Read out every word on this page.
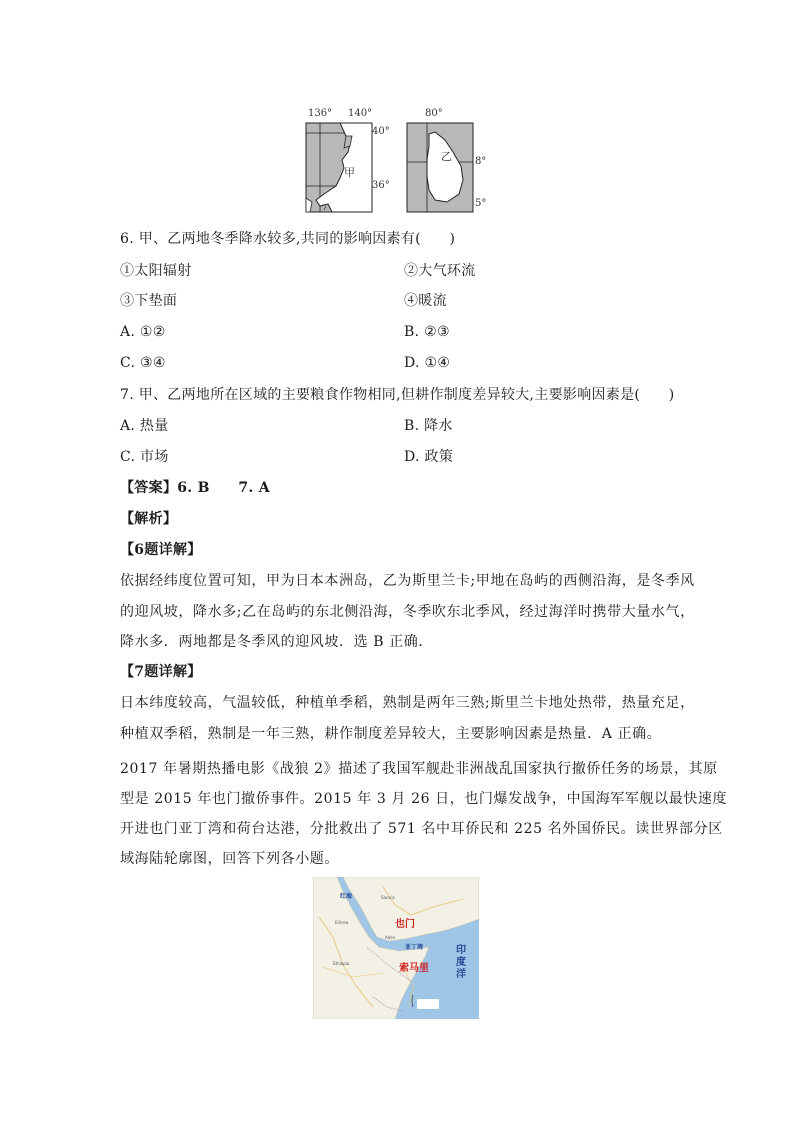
136° 140°
40°
36°
甲
80°
8°
5°
乙
6. 甲、乙两地冬季降水较多,共同的影响因素有(　　)
①太阳辐射	②大气环流
③下垫面	④暖流
A. ①②	B. ②③
C. ③④	D. ①④
7. 甲、乙两地所在区域的主要粮食作物相同,但耕作制度差异较大,主要影响因素是(　　)
A. 热量	B. 降水
C. 市场	D. 政策
【答案】6. B　　7. A
【解析】
【6题详解】
依据经纬度位置可知，甲为日本本洲岛，乙为斯里兰卡;甲地在岛屿的西侧沿海，是冬季风
的迎风坡，降水多;乙在岛屿的东北侧沿海，冬季吹东北季风，经过海洋时携带大量水气，
降水多．两地都是冬季风的迎风坡．选 B 正确．
【7题详解】
日本纬度较高，气温较低，种植单季稻，熟制是两年三熟;斯里兰卡地处热带，热量充足，
种植双季稻，熟制是一年三熟，耕作制度差异较大，主要影响因素是热量．A 正确。
2017 年暑期热播电影《战狼 2》描述了我国军舰赴非洲战乱国家执行撤侨任务的场景，其原
型是 2015 年也门撤侨事件。2015 年 3 月 26 日，也门爆发战争，中国海军军舰以最快速度
开进也门亚丁湾和荷台达港，分批救出了 571 名中耳侨民和 225 名外国侨民。读世界部分区
域海陆轮廓图，回答下列各小题。
红海
也门
亚丁湾
索马里
印度洋
Ethiopia
Eritrea
Sana'a
Aden
